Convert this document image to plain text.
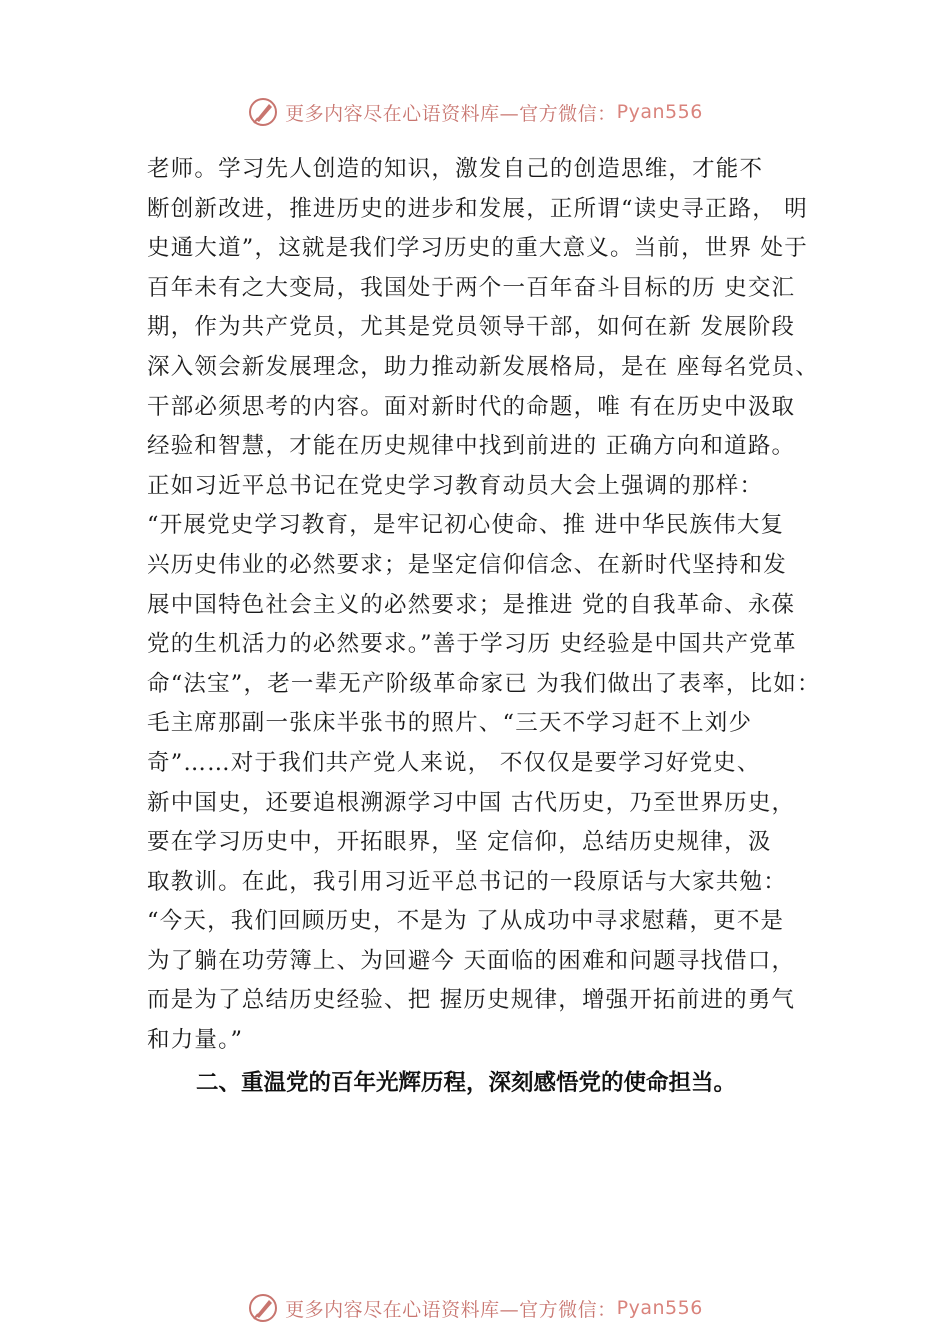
更多内容尽在心语资料库—官方微信： Pyan556
老师。学习先人创造的知识，激发自己的创造思维，才能不
断创新改进，推进历史的进步和发展，正所谓“读史寻正路， 明
史通大道”，这就是我们学习历史的重大意义。当前，世界 处于
百年未有之大变局，我国处于两个一百年奋斗目标的历 史交汇
期，作为共产党员，尤其是党员领导干部，如何在新 发展阶段
深入领会新发展理念，助力推动新发展格局，是在 座每名党员、
干部必须思考的内容。面对新时代的命题，唯 有在历史中汲取
经验和智慧，才能在历史规律中找到前进的 正确方向和道路。
正如习近平总书记在党史学习教育动员大会上强调的那样：
“开展党史学习教育，是牢记初心使命、推 进中华民族伟大复
兴历史伟业的必然要求；是坚定信仰信念、在新时代坚持和发
展中国特色社会主义的必然要求；是推进 党的自我革命、永葆
党的生机活力的必然要求。”善于学习历 史经验是中国共产党革
命“法宝”，老一辈无产阶级革命家已 为我们做出了表率，比如：
毛主席那副一张床半张书的照片、“三天不学习赶不上刘少
奇”……对于我们共产党人来说， 不仅仅是要学习好党史、
新中国史，还要追根溯源学习中国 古代历史，乃至世界历史，
要在学习历史中，开拓眼界，坚 定信仰，总结历史规律，汲
取教训。在此，我引用习近平总书记的一段原话与大家共勉：
“今天，我们回顾历史，不是为 了从成功中寻求慰藉，更不是
为了躺在功劳簿上、为回避今 天面临的困难和问题寻找借口，
而是为了总结历史经验、把 握历史规律，增强开拓前进的勇气
和力量。”
二、重温党的百年光辉历程，深刻感悟党的使命担当。
更多内容尽在心语资料库—官方微信： Pyan556
